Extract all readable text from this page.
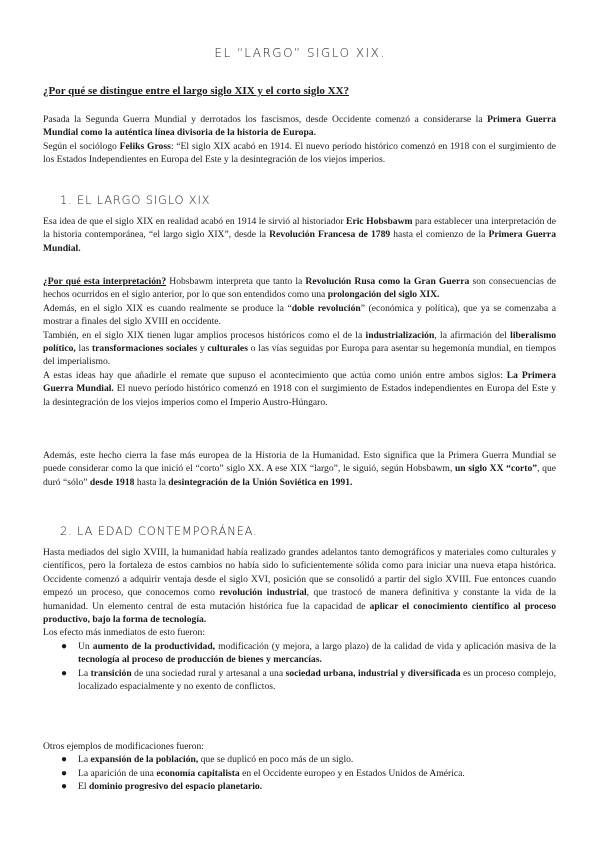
EL “LARGO” SIGLO XIX.
¿Por qué se distingue entre el largo siglo XIX y el corto siglo XX?

Pasada la Segunda Guerra Mundial y derrotados los fascismos, desde Occidente comenzó a considerarse la Primera Guerra Mundial como la auténtica línea divisoria de la historia de Europa.

Según el sociólogo Feliks Gross: “El siglo XIX acabó en 1914. El nuevo período histórico comenzó en 1918 con el surgimiento de los Estados Independientes en Europa del Este y la desintegración de los viejos imperios.

1. EL LARGO SIGLO XIX

Esa idea de que el siglo XIX en realidad acabó en 1914 le sirvió al historiador Eric Hobsbawm para establecer una interpretación de la historia contemporánea, “el largo siglo XIX”, desde la Revolución Francesa de 1789 hasta el comienzo de la Primera Guerra Mundial.

¿Por qué esta interpretación? Hobsbawm interpreta que tanto la Revolución Rusa como la Gran Guerra son consecuencias de hechos ocurridos en el siglo anterior, por lo que son entendidos como una prolongación del siglo XIX.

Además, en el siglo XIX es cuando realmente se produce la “doble revolución” (económica y política), que ya se comenzaba a mostrar a finales del siglo XVIII en occidente.

También, en el siglo XIX tienen lugar amplios procesos históricos como el de la industrialización, la afirmación del liberalismo político, las transformaciones sociales y culturales o las vías seguidas por Europa para asentar su hegemonía mundial, en tiempos del imperialismo.

A estas ideas hay que añadirle el remate que supuso el acontecimiento que actúa como unión entre ambos siglos: La Primera Guerra Mundial. El nuevo período histórico comenzó en 1918 con el surgimiento de Estados independientes en Europa del Este y la desintegración de los viejos imperios como el Imperio Austro-Húngaro.

Además, este hecho cierra la fase más europea de la Historia de la Humanidad. Esto significa que la Primera Guerra Mundial se puede considerar como la que inició el “corto” siglo XX. A ese XIX “largo”, le siguió, según Hobsbawm, un siglo XX “corto”, que duró “sólo” desde 1918 hasta la desintegración de la Unión Soviética en 1991.

2. LA EDAD CONTEMPORÁNEA.

Hasta mediados del siglo XVIII, la humanidad había realizado grandes adelantos tanto demográficos y materiales como culturales y científicos, pero la fortaleza de estos cambios no había sido lo suficientemente sólida como para iniciar una nueva etapa histórica. Occidente comenzó a adquirir ventaja desde el siglo XVI, posición que se consolidó a partir del siglo XVIII. Fue entonces cuando empezó un proceso, que conocemos como revolución industrial, que trastocó de manera definitiva y constante la vida de la humanidad. Un elemento central de esta mutación histórica fue la capacidad de aplicar el conocimiento científico al proceso productivo, bajo la forma de tecnología.

Los efecto más inmediatos de esto fueron:

● Un aumento de la productividad, modificación (y mejora, a largo plazo) de la calidad de vida y aplicación masiva de la tecnología al proceso de producción de bienes y mercancías.
● La transición de una sociedad rural y artesanal a una sociedad urbana, industrial y diversificada es un proceso complejo, localizado espacialmente y no exento de conflictos.

Otros ejemplos de modificaciones fueron:

● La expansión de la población, que se duplicó en poco más de un siglo.
● La aparición de una economía capitalista en el Occidente europeo y en Estados Unidos de América.
● El dominio progresivo del espacio planetario.
